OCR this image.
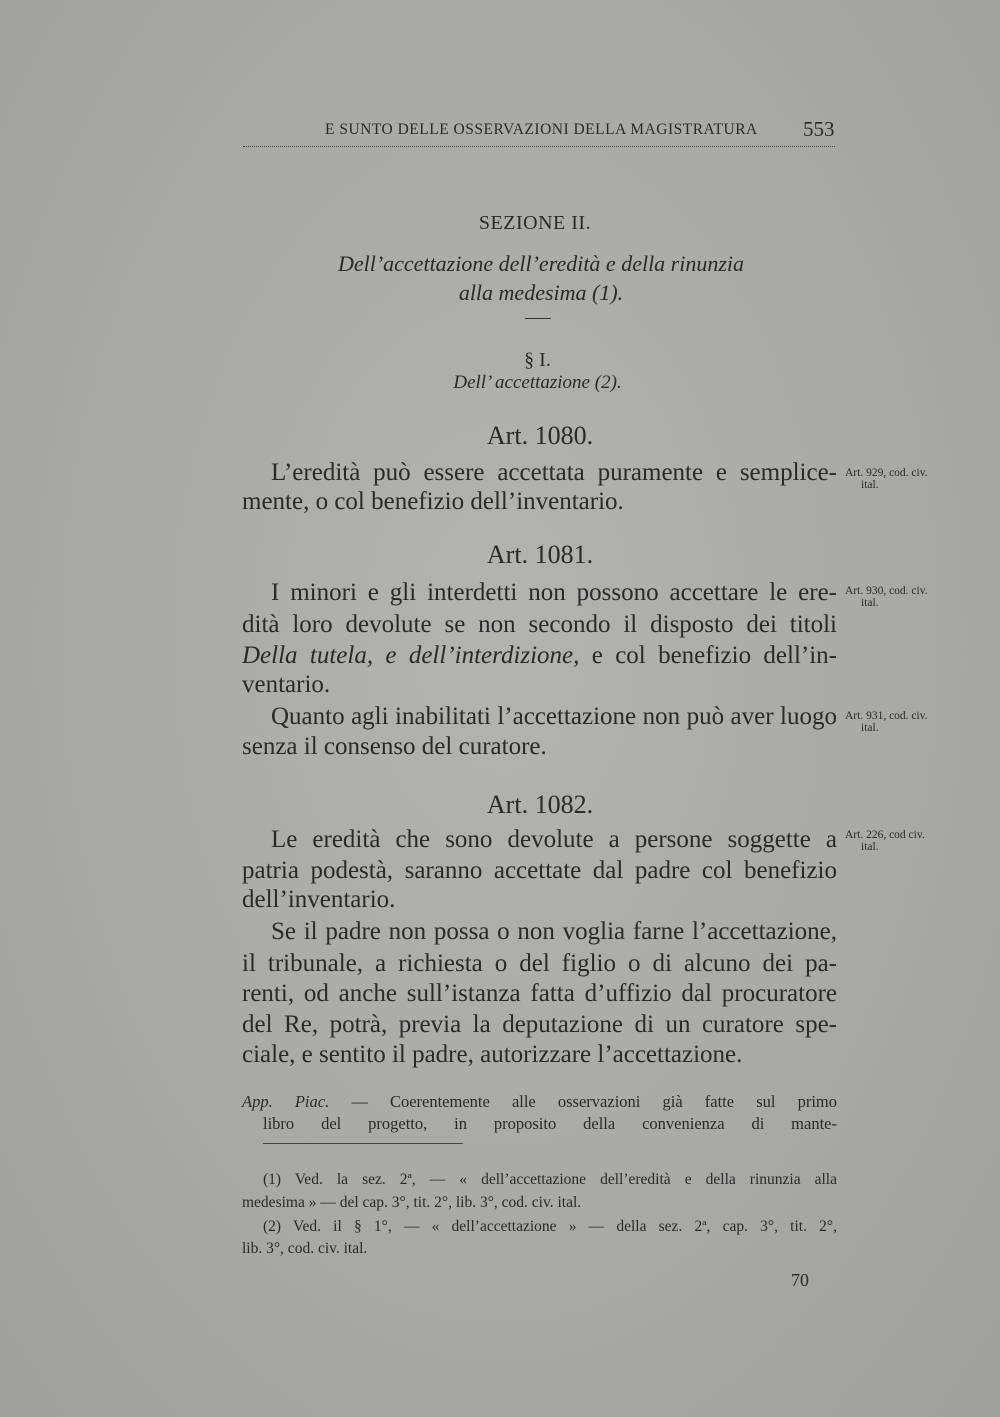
E SUNTO DELLE OSSERVAZIONI DELLA MAGISTRATURA 553

SEZIONE II.

Dell’accettazione dell’eredità e della rinunzia

alla medesima (1).

§ I.

Dell’ accettazione (2).

Art. 1080.

L’eredità può essere accettata puramente e semplice-

mente, o col benefizio dell’inventario.

Art. 929, cod. civ.
ital.

Art. 1081.

I minori e gli interdetti non possono accettare le ere-

dità loro devolute se non secondo il disposto dei titoli

Della tutela, e dell’interdizione, e col benefizio dell’in-

ventario.

Quanto agli inabilitati l’accettazione non può aver luogo

senza il consenso del curatore.

Art. 930, cod. civ.
ital.

Art. 931, cod. civ.
ital.

Art. 1082.

Le eredità che sono devolute a persone soggette a

patria podestà, saranno accettate dal padre col benefizio

dell’inventario.

Se il padre non possa o non voglia farne l’accettazione,

il tribunale, a richiesta o del figlio o di alcuno dei pa-

renti, od anche sull’istanza fatta d’uffizio dal procuratore

del Re, potrà, previa la deputazione di un curatore spe-

ciale, e sentito il padre, autorizzare l’accettazione.

Art. 226, cod civ.
ital.

App. Piac. — Coerentemente alle osservazioni già fatte sul primo

libro del progetto, in proposito della convenienza di mante-

(1) Ved. la sez. 2ª, — « dell’accettazione dell’eredità e della rinunzia alla

medesima » — del cap. 3°, tit. 2°, lib. 3°, cod. civ. ital.

(2) Ved. il § 1°, — « dell’accettazione » — della sez. 2ª, cap. 3°, tit. 2°,

lib. 3°, cod. civ. ital.

70
